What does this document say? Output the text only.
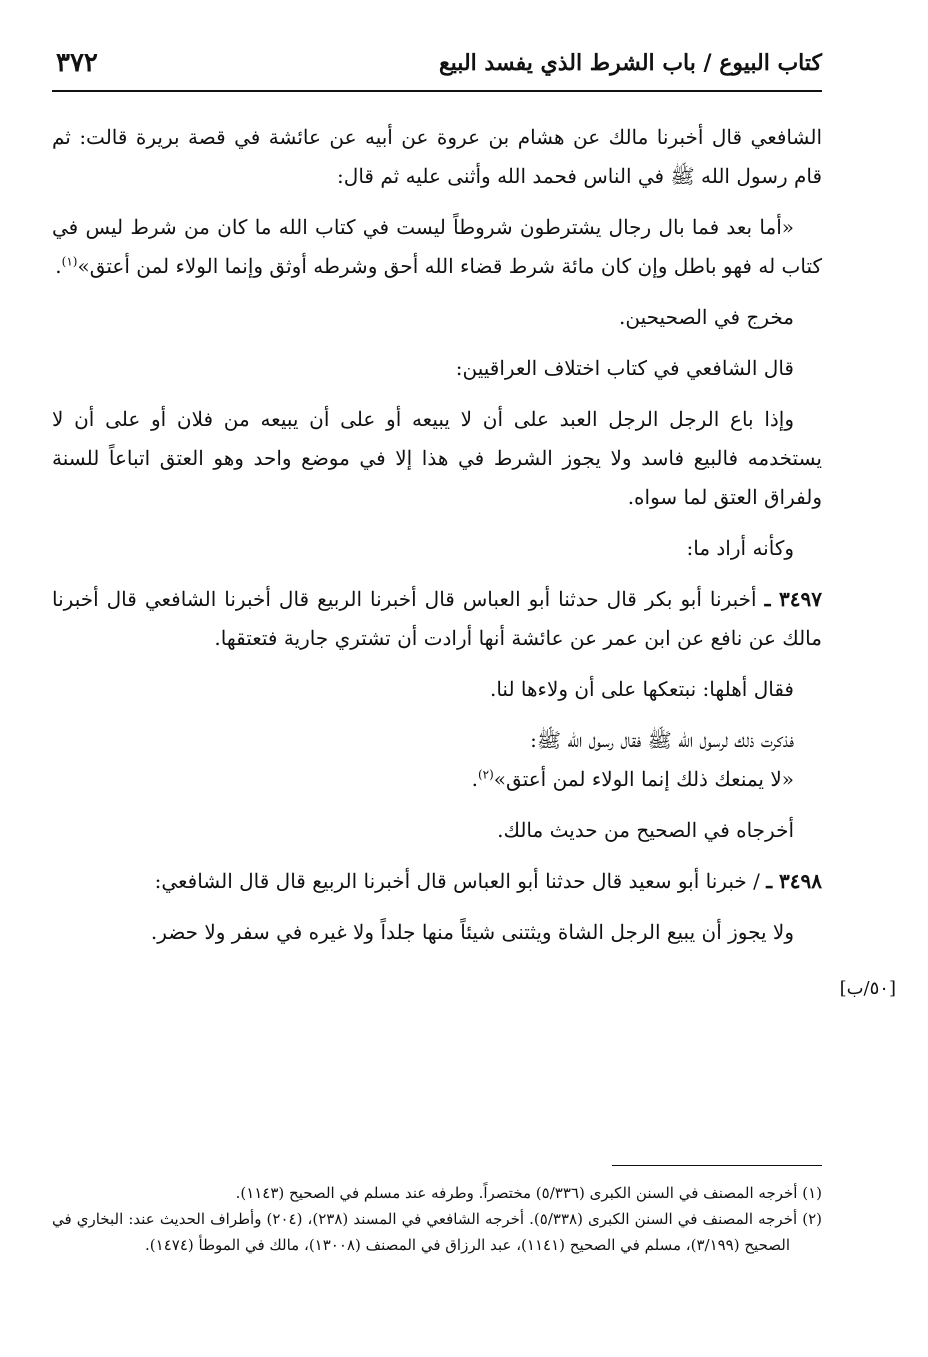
كتاب البيوع / باب الشرط الذي يفسد البيع
٣٧٢

الشافعي قال أخبرنا مالك عن هشام بن عروة عن أبيه عن عائشة في قصة بريرة قالت: ثم قام رسول الله ﷺ في الناس فحمد الله وأثنى عليه ثم قال:

«أما بعد فما بال رجال يشترطون شروطاً ليست في كتاب الله ما كان من شرط ليس في كتاب له فهو باطل وإن كان مائة شرط قضاء الله أحق وشرطه أوثق وإنما الولاء لمن أعتق»$^{(١)}$.

مخرج في الصحيحين.

قال الشافعي في كتاب اختلاف العراقيين:

وإذا باع الرجل الرجل العبد على أن لا يبيعه أو على أن يبيعه من فلان أو على أن لا يستخدمه فالبيع فاسد ولا يجوز الشرط في هذا إلا في موضع واحد وهو العتق اتباعاً للسنة ولفراق العتق لما سواه.

وكأنه أراد ما:

٣٤٩٧ ـ أخبرنا أبو بكر قال حدثنا أبو العباس قال أخبرنا الربيع قال أخبرنا الشافعي قال أخبرنا مالك عن نافع عن ابن عمر عن عائشة أنها أرادت أن تشتري جارية فتعتقها.

فقال أهلها: نبتعكها على أن ولاءها لنا.

فذكرت ذلك لرسول الله ﷺ فقال رسول الله ﷺ:

«لا يمنعك ذلك إنما الولاء لمن أعتق»$^{(٢)}$.

أخرجاه في الصحيح من حديث مالك.

٣٤٩٨ ـ / خبرنا أبو سعيد قال حدثنا أبو العباس قال أخبرنا الربيع قال قال الشافعي:

ولا يجوز أن يبيع الرجل الشاة ويثتنى شيئاً منها جلداً ولا غيره في سفر ولا حضر.

[٥٠/ب]

(١) أخرجه المصنف في السنن الكبرى (٥/٣٣٦) مختصراً. وطرفه عند مسلم في الصحيح (١١٤٣).

(٢) أخرجه المصنف في السنن الكبرى (٥/٣٣٨). أخرجه الشافعي في المسند (٢٣٨)، (٢٠٤) وأطراف الحديث عند: البخاري في الصحيح (٣/١٩٩)، مسلم في الصحيح (١١٤١)، عبد الرزاق في المصنف (١٣٠٠٨)، مالك في الموطأ (١٤٧٤).
